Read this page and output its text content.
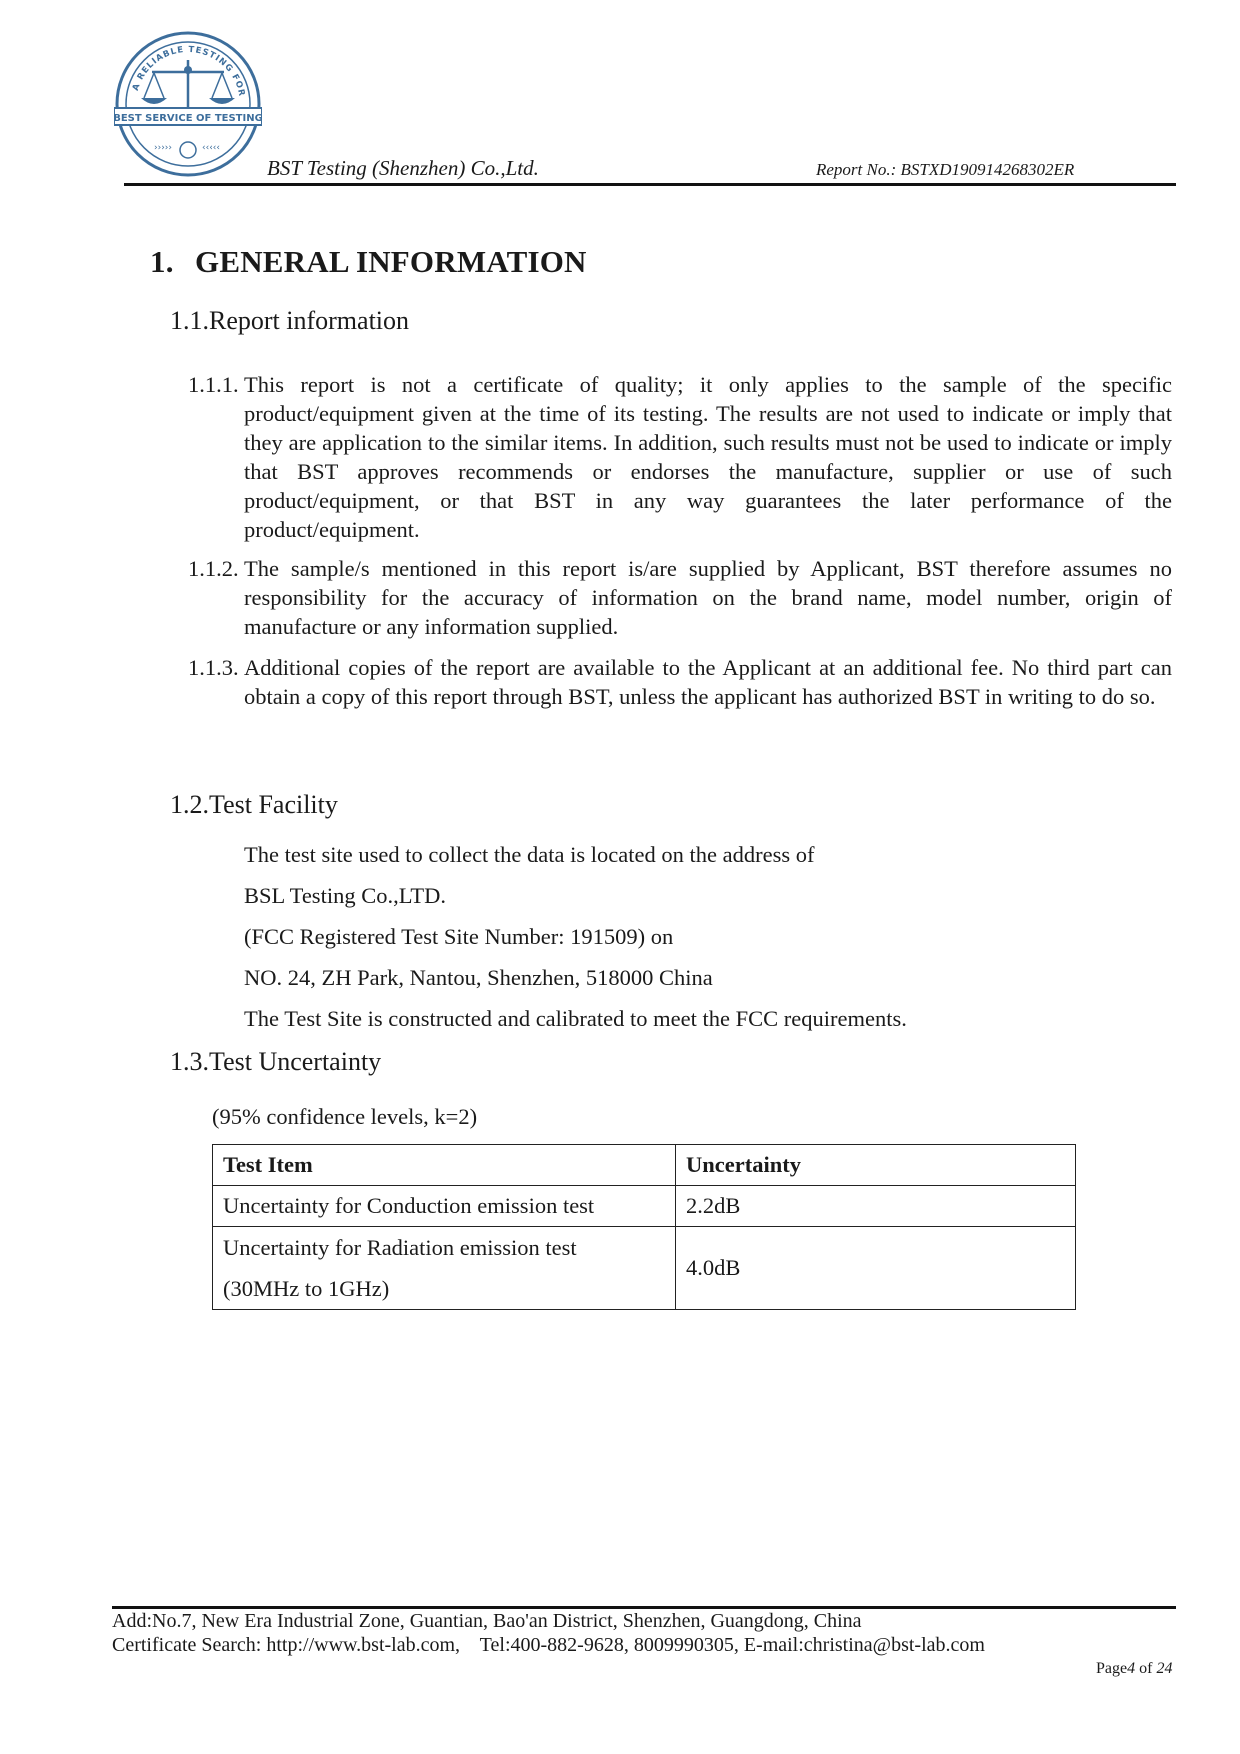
A RELIABLE TESTING FOR
BEST SERVICE OF TESTING
›››››	‹‹‹‹‹
BST Testing (Shenzhen) Co.,Ltd.	Report No.: BSTXD190914268302ER
1. GENERAL INFORMATION
1.1.Report information
1.1.1. This report is not a certificate of quality; it only applies to the sample of the specific product/equipment given at the time of its testing. The results are not used to indicate or imply that they are application to the similar items. In addition, such results must not be used to indicate or imply that BST approves recommends or endorses the manufacture, supplier or use of such product/equipment, or that BST in any way guarantees the later performance of the product/equipment.
1.1.2. The sample/s mentioned in this report is/are supplied by Applicant, BST therefore assumes no responsibility for the accuracy of information on the brand name, model number, origin of manufacture or any information supplied.
1.1.3. Additional copies of the report are available to the Applicant at an additional fee. No third part can obtain a copy of this report through BST, unless the applicant has authorized BST in writing to do so.
1.2.Test Facility
The test site used to collect the data is located on the address of
BSL Testing Co.,LTD.
(FCC Registered Test Site Number: 191509) on
NO. 24, ZH Park, Nantou, Shenzhen, 518000 China
The Test Site is constructed and calibrated to meet the FCC requirements.
1.3.Test Uncertainty
(95% confidence levels, k=2)
Test Item	Uncertainty
Uncertainty for Conduction emission test	2.2dB

Uncertainty for Radiation emission test
(30MHz to 1GHz)	4.0dB
Add:No.7, New Era Industrial Zone, Guantian, Bao'an District, Shenzhen, Guangdong, China
Certificate Search: http://www.bst-lab.com,    Tel:400-882-9628, 8009990305, E-mail:christina@bst-lab.com
Page4 of 24
